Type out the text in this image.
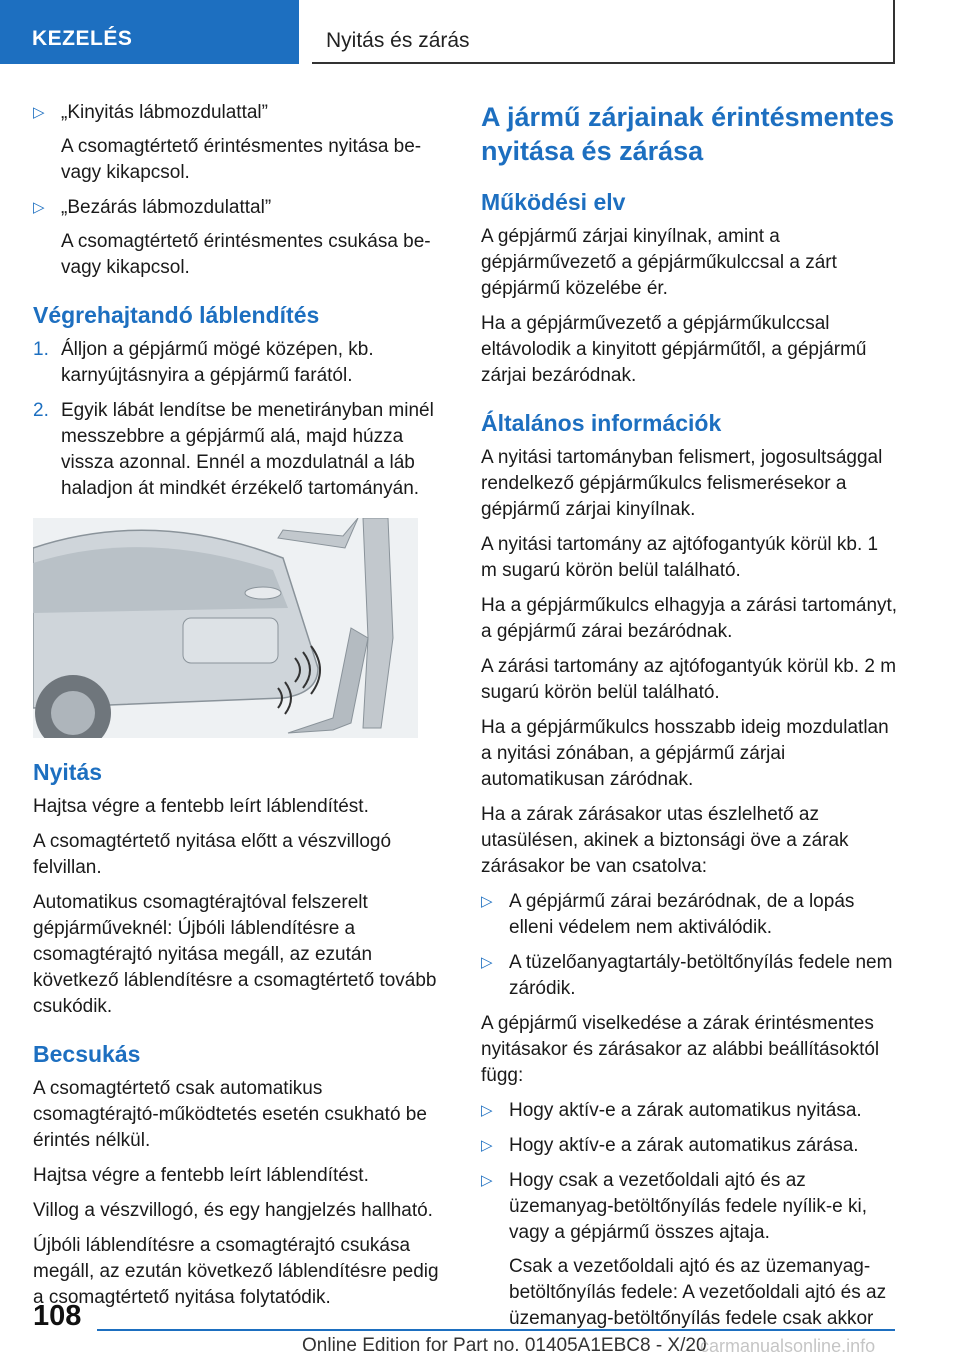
KEZELÉS	Nyitás és zárás
▷ „Kinyitás lábmozdulattal”

A csomagtértető érintésmentes nyitása be- vagy kikapcsol.

▷ „Bezárás lábmozdulattal”

A csomagtértető érintésmentes csukása be- vagy kikapcsol.

Végrehajtandó láblendítés
1. Álljon a gépjármű mögé középen, kb. karnyújtásnyira a gépjármű farától.
2. Egyik lábát lendítse be menetirányban minél messzebbre a gépjármű alá, majd húzza vissza azonnal. Ennél a mozdulatnál a láb haladjon át mindkét érzékelő tartományán.
Nyitás

Hajtsa végre a fentebb leírt láblendítést.

A csomagtértető nyitása előtt a vészvillogó felvillan.

Automatikus csomagtérajtóval felszerelt gépjárműveknél: Újbóli láblendítésre a csomagtérajtó nyitása megáll, az ezután következő láblendítésre a csomagtértető tovább csukódik.

Becsukás

A csomagtértető csak automatikus csomagtérajtó-működtetés esetén csukható be érintés nélkül.

Hajtsa végre a fentebb leírt láblendítést.

Villog a vészvillogó, és egy hangjelzés hallható.

Újbóli láblendítésre a csomagtérajtó csukása megáll, az ezután következő láblendítésre pedig a csomagtértető nyitása folytatódik.

A jármű zárjainak érintésmentes nyitása és zárása
Működési elv

A gépjármű zárjai kinyílnak, amint a gépjárművezető a gépjárműkulccsal a zárt gépjármű közelébe ér.

Ha a gépjárművezető a gépjárműkulccsal eltávolodik a kinyitott gépjárműtől, a gépjármű zárjai bezáródnak.

Általános információk

A nyitási tartományban felismert, jogosultsággal rendelkező gépjárműkulcs felismerésekor a gépjármű zárjai kinyílnak.

A nyitási tartomány az ajtófogantyúk körül kb. 1 m sugarú körön belül található.

Ha a gépjárműkulcs elhagyja a zárási tartományt, a gépjármű zárai bezáródnak.

A zárási tartomány az ajtófogantyúk körül kb. 2 m sugarú körön belül található.

Ha a gépjárműkulcs hosszabb ideig mozdulatlan a nyitási zónában, a gépjármű zárjai automatikusan záródnak.

Ha a zárak zárásakor utas észlelhető az utasülésen, akinek a biztonsági öve a zárak zárásakor be van csatolva:

▷ A gépjármű zárai bezáródnak, de a lopás elleni védelem nem aktiválódik.

▷ A tüzelőanyagtartály-betöltőnyílás fedele nem záródik.

A gépjármű viselkedése a zárak érintésmentes nyitásakor és zárásakor az alábbi beállításoktól függ:

▷ Hogy aktív-e a zárak automatikus nyitása.

▷ Hogy aktív-e a zárak automatikus zárása.

▷ Hogy csak a vezetőoldali ajtó és az üzemanyag-betöltőnyílás fedele nyílik-e ki, vagy a gépjármű összes ajtaja.

Csak a vezetőoldali ajtó és az üzemanyag-betöltőnyílás fedele: A vezetőoldali ajtó és az üzemanyag-betöltőnyílás fedele csak akkor

108
Online Edition for Part no. 01405A1EBC8 - X/20
carmanualsonline.info
